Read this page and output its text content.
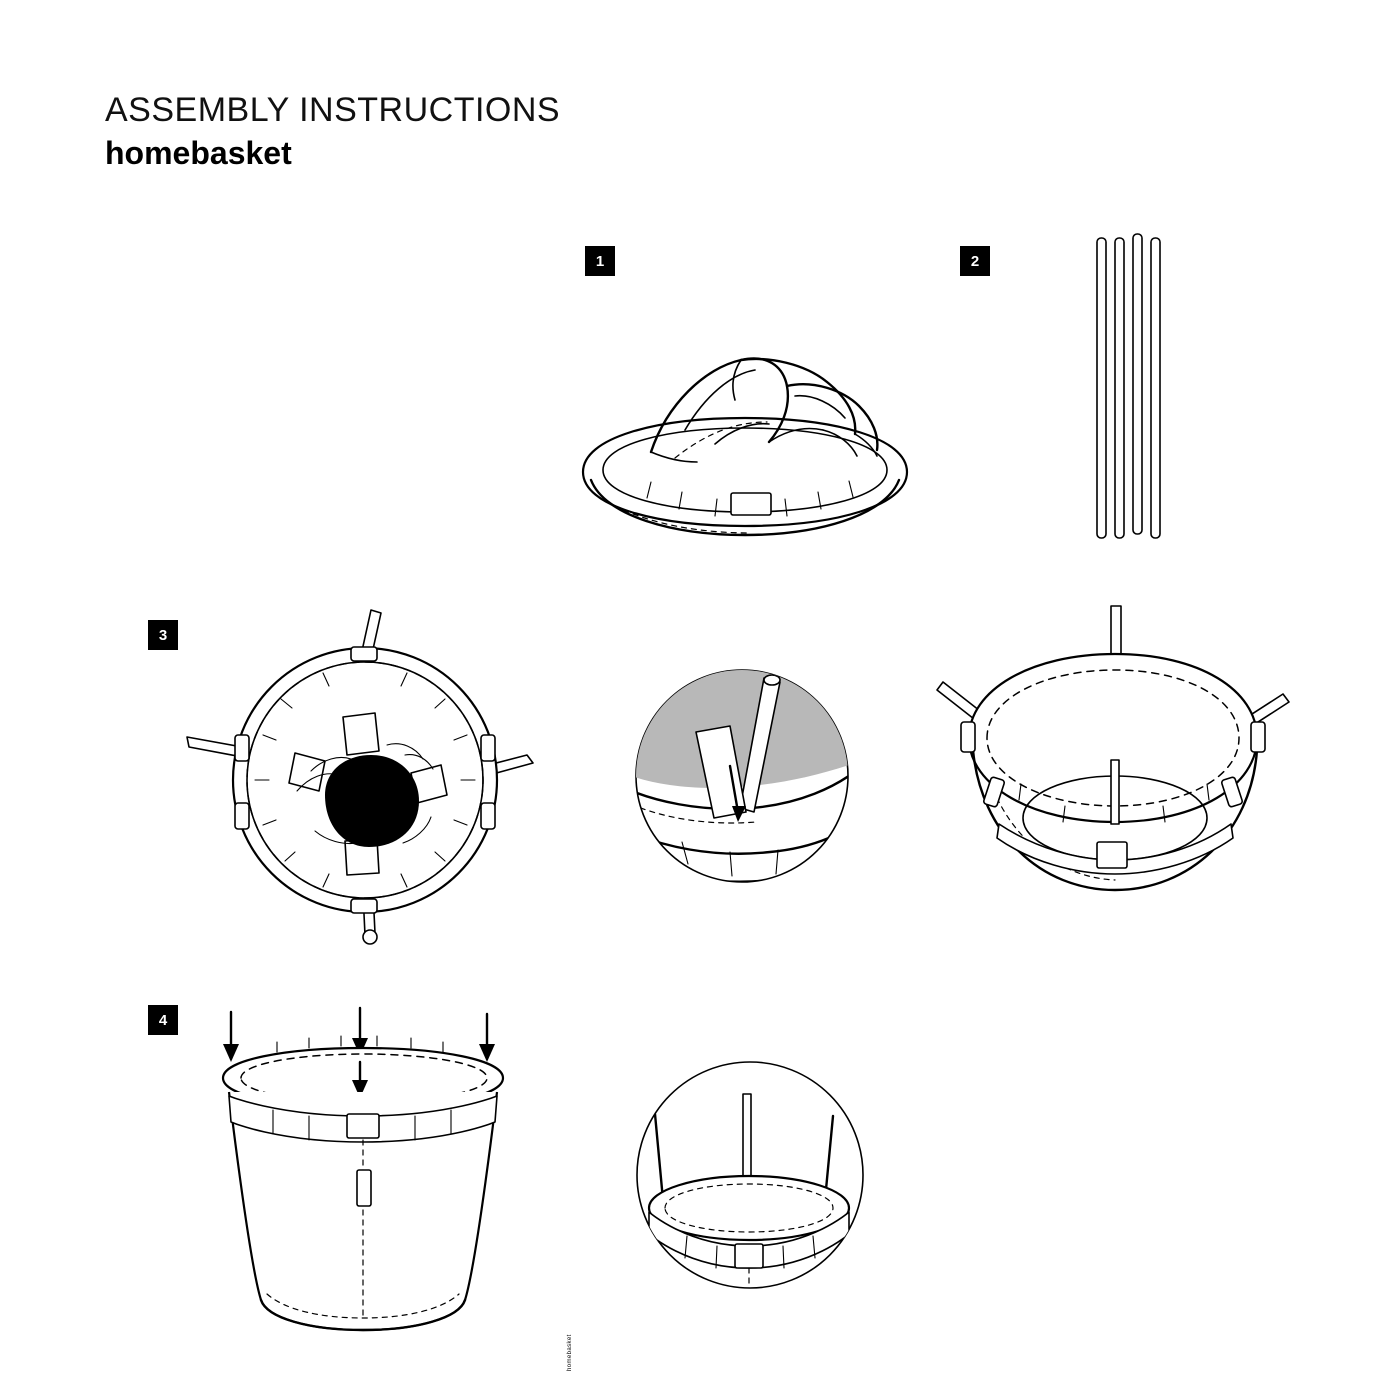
ASSEMBLY INSTRUCTIONS
homebasket
1	2
3
4
homebasket
